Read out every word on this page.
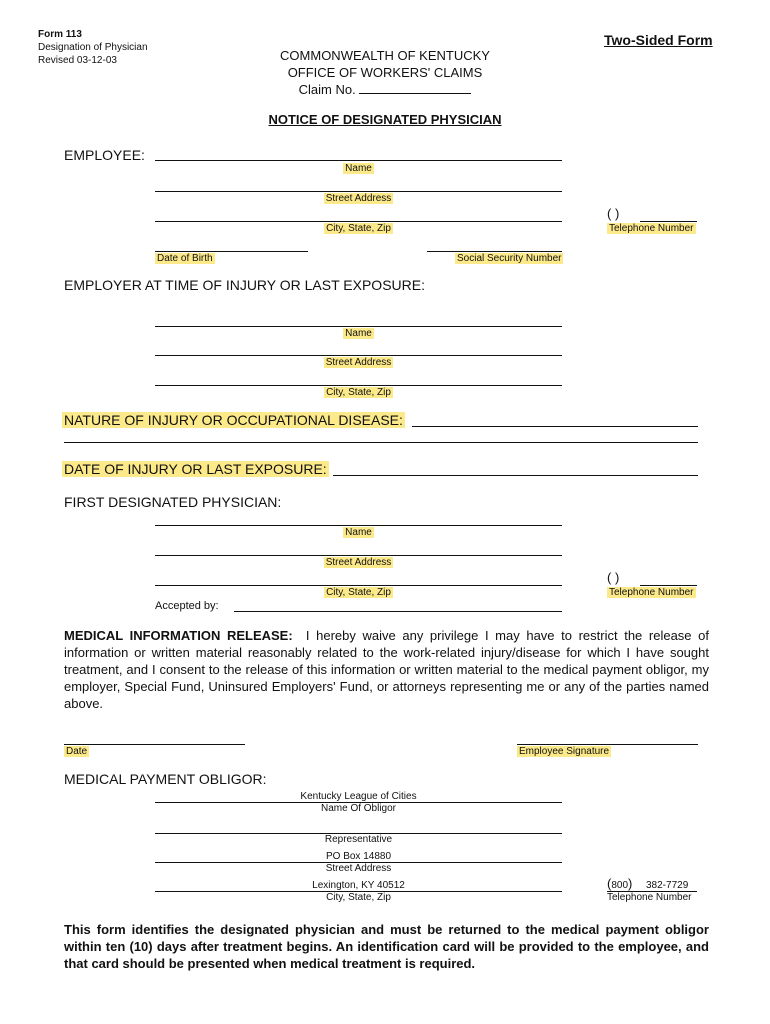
Form 113
Designation of Physician
Revised 03-12-03
Two-Sided Form
COMMONWEALTH OF KENTUCKY
OFFICE OF WORKERS' CLAIMS
Claim No.
NOTICE OF DESIGNATED PHYSICIAN
EMPLOYEE:
Name
Street Address
City, State, Zip
( )
Telephone Number
Date of Birth	Social Security Number
EMPLOYER AT TIME OF INJURY OR LAST EXPOSURE:
Name
Street Address
City, State, Zip
NATURE OF INJURY OR OCCUPATIONAL DISEASE:
DATE OF INJURY OR LAST EXPOSURE:
FIRST DESIGNATED PHYSICIAN:
Name
Street Address
City, State, Zip
( )
Telephone Number
Accepted by:
MEDICAL INFORMATION RELEASE: I hereby waive any privilege I may have to restrict the release of information or written material reasonably related to the work-related injury/disease for which I have sought treatment, and I consent to the release of this information or written material to the medical payment obligor, my employer, Special Fund, Uninsured Employers' Fund, or attorneys representing me or any of the parties named above.
Date	Employee Signature
MEDICAL PAYMENT OBLIGOR:
Kentucky League of Cities
Name Of Obligor
Representative
PO Box 14880
Street Address
Lexington, KY 40512
City, State, Zip
(800) 382-7729
Telephone Number
This form identifies the designated physician and must be returned to the medical payment obligor within ten (10) days after treatment begins. An identification card will be provided to the employee, and that card should be presented when medical treatment is required.
